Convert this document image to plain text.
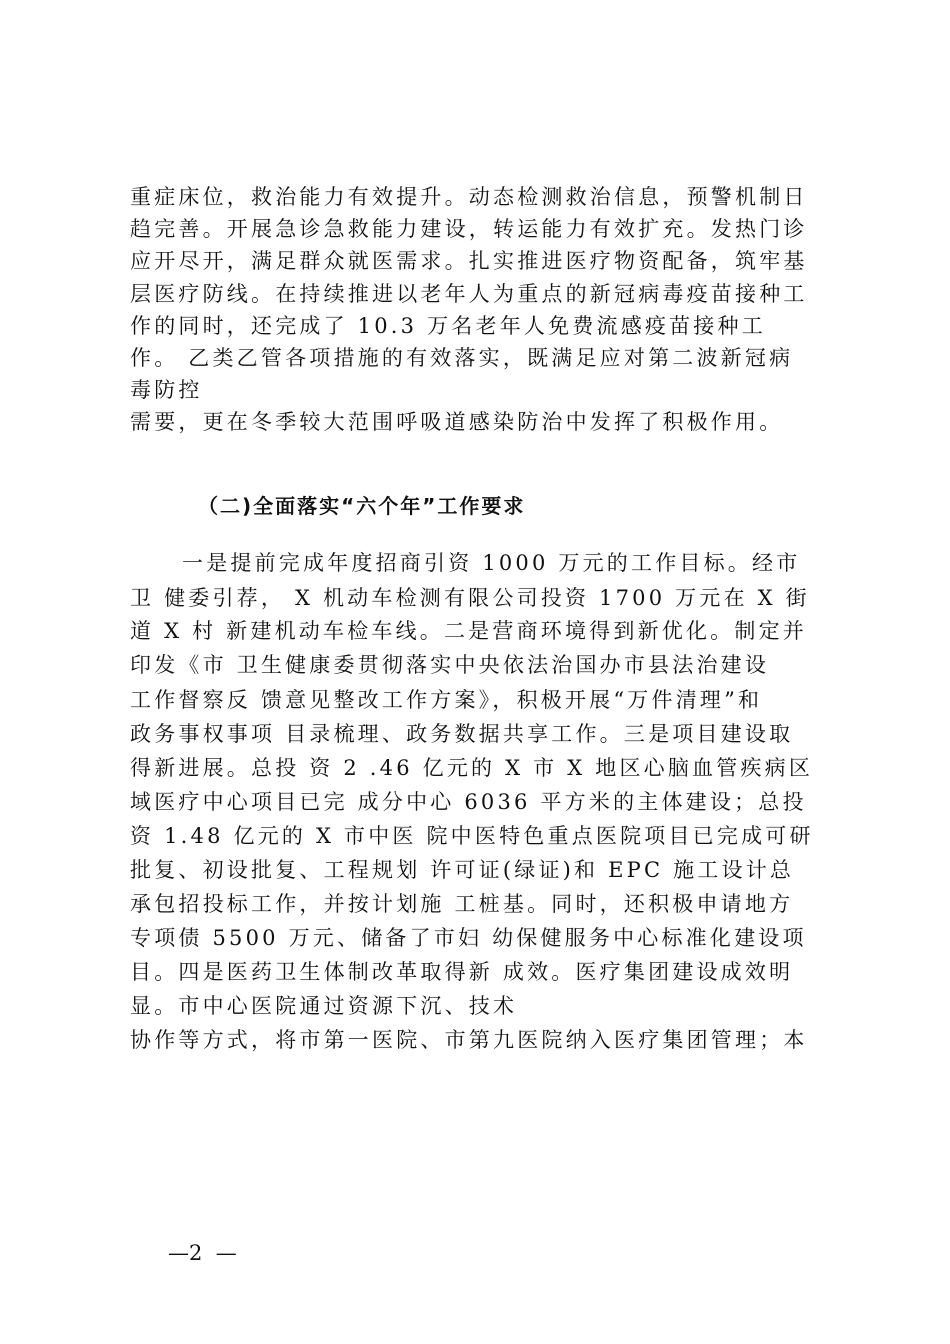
重症床位，救治能力有效提升。动态检测救治信息，预警机制日
趋完善。开展急诊急救能力建设，转运能力有效扩充。发热门诊
应开尽开，满足群众就医需求。扎实推进医疗物资配备，筑牢基
层医疗防线。在持续推进以老年人为重点的新冠病毒疫苗接种工
作的同时，还完成了 10.3 万名老年人免费流感疫苗接种工
作。 乙类乙管各项措施的有效落实，既满足应对第二波新冠病
毒防控
需要，更在冬季较大范围呼吸道感染防治中发挥了积极作用。
（二)全面落实“六个年”工作要求
一是提前完成年度招商引资 1000 万元的工作目标。经市
卫 健委引荐， X 机动车检测有限公司投资 1700 万元在 X 街
道 X 村 新建机动车检车线。二是营商环境得到新优化。制定并
印发《市 卫生健康委贯彻落实中央依法治国办市县法治建设
工作督察反 馈意见整改工作方案》，积极开展“万件清理”和
政务事权事项 目录梳理、政务数据共享工作。三是项目建设取
得新进展。总投 资 2 .46 亿元的 X 市 X 地区心脑血管疾病区
域医疗中心项目已完 成分中心 6036 平方米的主体建设；总投
资 1.48 亿元的 X 市中医 院中医特色重点医院项目已完成可研
批复、初设批复、工程规划 许可证(绿证)和 EPC 施工设计总
承包招投标工作，并按计划施 工桩基。同时，还积极申请地方
专项债 5500 万元、储备了市妇 幼保健服务中心标准化建设项
目。四是医药卫生体制改革取得新 成效。医疗集团建设成效明
显。市中心医院通过资源下沉、技术
协作等方式，将市第一医院、市第九医院纳入医疗集团管理；本
—2  —
